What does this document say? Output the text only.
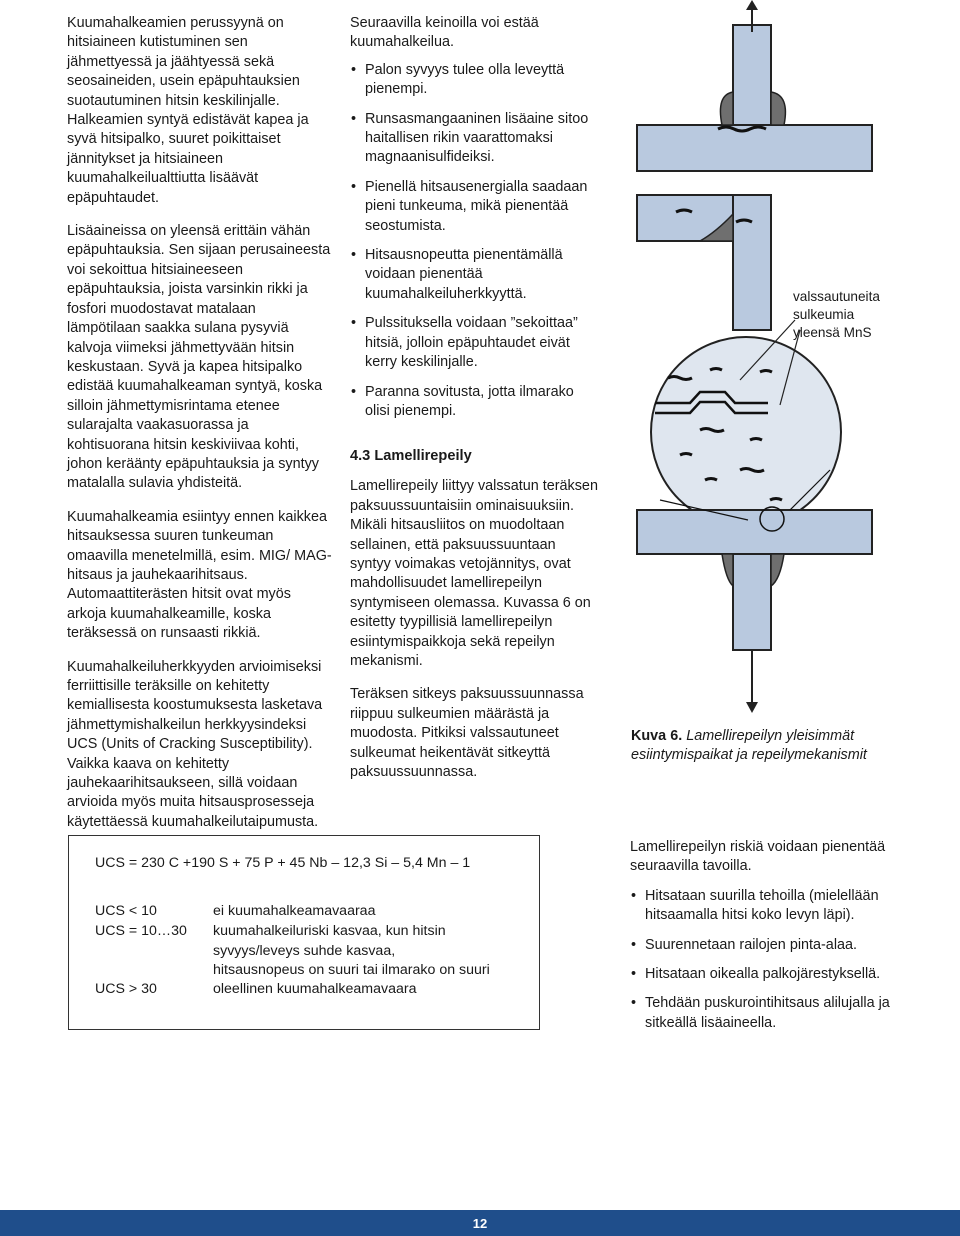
Kuumahalkeamien perussyynä on hitsiaineen kutistuminen sen jähmettyessä ja jäähtyessä sekä seosaineiden, usein epäpuhtauksien suotautuminen hitsin keskilinjalle. Halkeamien syntyä edistävät kapea ja syvä hitsipalko, suuret poikittaiset jännitykset ja hitsiaineen kuumahalkeilualttiutta lisäävät epäpuhtaudet.

Lisäaineissa on yleensä erittäin vähän epäpuhtauksia. Sen sijaan perusaineesta voi sekoittua hitsiaineeseen epäpuhtauksia, joista varsinkin rikki ja fosfori muodostavat matalaan lämpötilaan saakka sulana pysyviä kalvoja viimeksi jähmettyvään hitsin keskustaan. Syvä ja kapea hitsipalko edistää kuumahalkeaman syntyä, koska silloin jähmettymisrintama etenee sularajalta vaakasuorassa ja kohtisuorana hitsin keskiviivaa kohti, johon keräänty epäpuhtauksia ja syntyy matalalla sulavia yhdisteitä.

Kuumahalkeamia esiintyy ennen kaikkea hitsauksessa suuren tunkeuman omaavilla menetelmillä, esim. MIG/ MAG-hitsaus ja jauhekaarihitsaus. Automaattiterästen hitsit ovat myös arkoja kuumahalkeamille, koska teräksessä on runsaasti rikkiä.

Kuumahalkeiluherkkyyden arvioimiseksi ferriittisille teräksille on kehitetty kemiallisesta koostumuksesta lasketava jähmettymishalkeilun herkkyysindeksi UCS (Units of Cracking Susceptibility). Vaikka kaava on kehitetty jauhekaarihitsaukseen, sillä voidaan arvioida myös muita hitsausprosesseja käytettäessä kuumahalkeilutaipumusta.

Seuraavilla keinoilla voi estää kuumahalkeilua.

• Palon syvyys tulee olla leveyttä pienempi.
• Runsasmangaaninen lisäaine sitoo haitallisen rikin vaarattomaksi magnaanisulfideiksi.
• Pienellä hitsausenergialla saadaan pieni tunkeuma, mikä pienentää seostumista.
• Hitsausnopeutta pienentämällä voidaan pienentää kuumahalkeiluherkkyyttä.
• Pulssituksella voidaan ”sekoittaa” hitsiä, jolloin epäpuhtaudet eivät kerry keskilinjalle.
• Paranna sovitusta, jotta ilmarako olisi pienempi.
4.3 Lamellirepeily

Lamellirepeily liittyy valssatun teräksen paksuussuuntaisiin ominaisuuksiin. Mikäli hitsausliitos on muodoltaan sellainen, että paksuussuuntaan syntyy voimakas vetojännitys, ovat mahdollisuudet lamellirepeilyn syntymiseen olemassa. Kuvassa 6 on esitetty tyypillisiä lamellirepeilyn esiintymispaikkoja sekä repeilyn mekanismi.

Teräksen sitkeys paksuussuunnassa riippuu sulkeumien määrästä ja muodosta. Pitkiksi valssautuneet sulkeumat heikentävät sitkeyttä paksuussuunnassa.

valssautuneita
sulkeumia
yleensä MnS
Kuva 6. Lamellirepeilyn yleisimmät esiintymispaikat ja repeilymekanismit
UCS = 230 C +190 S + 75 P + 45 Nb – 12,3 Si – 5,4 Mn – 1
UCS < 10	ei kuumahalkeamavaaraa
UCS = 10…30 kuumahalkeiluriski kasvaa, kun hitsin
syvyys/leveys suhde kasvaa,
hitsausnopeus on suuri tai ilmarako on suuri
UCS > 30	oleellinen kuumahalkeamavaara

Lamellirepeilyn riskiä voidaan pienentää seuraavilla tavoilla.

• Hitsataan suurilla tehoilla (mielellään hitsaamalla hitsi koko levyn läpi).
• Suurennetaan railojen pinta-alaa.
• Hitsataan oikealla palkojärestyksellä.
• Tehdään puskurointihitsaus alilujalla ja sitkeällä lisäaineella.
12
